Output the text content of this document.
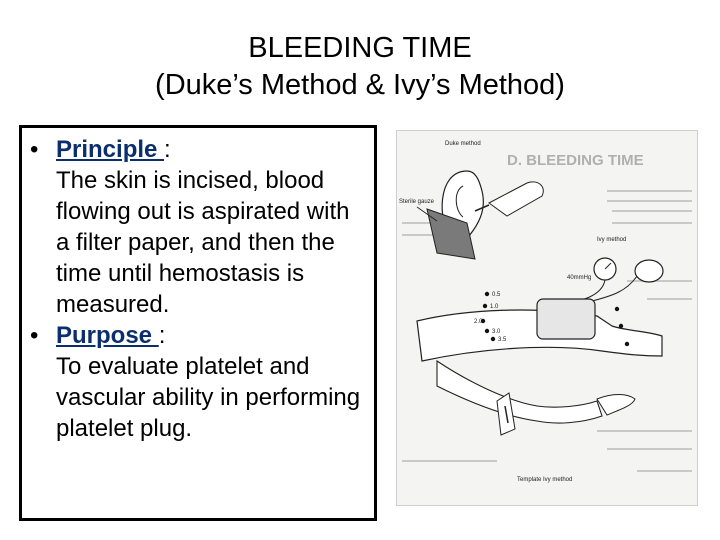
BLEEDING TIME
(Duke’s Method & Ivy’s Method)
• Principle :
The skin is incised, blood flowing out is aspirated with a filter paper, and then the time until hemostasis is measured.
• Purpose :
To evaluate platelet and vascular ability in performing platelet plug.
D. BLEEDING TIME
Duke method
Sterile gauze
Ivy method
40mmHg
0.5
1.0
2.0
3.0
3.5
Template Ivy method
